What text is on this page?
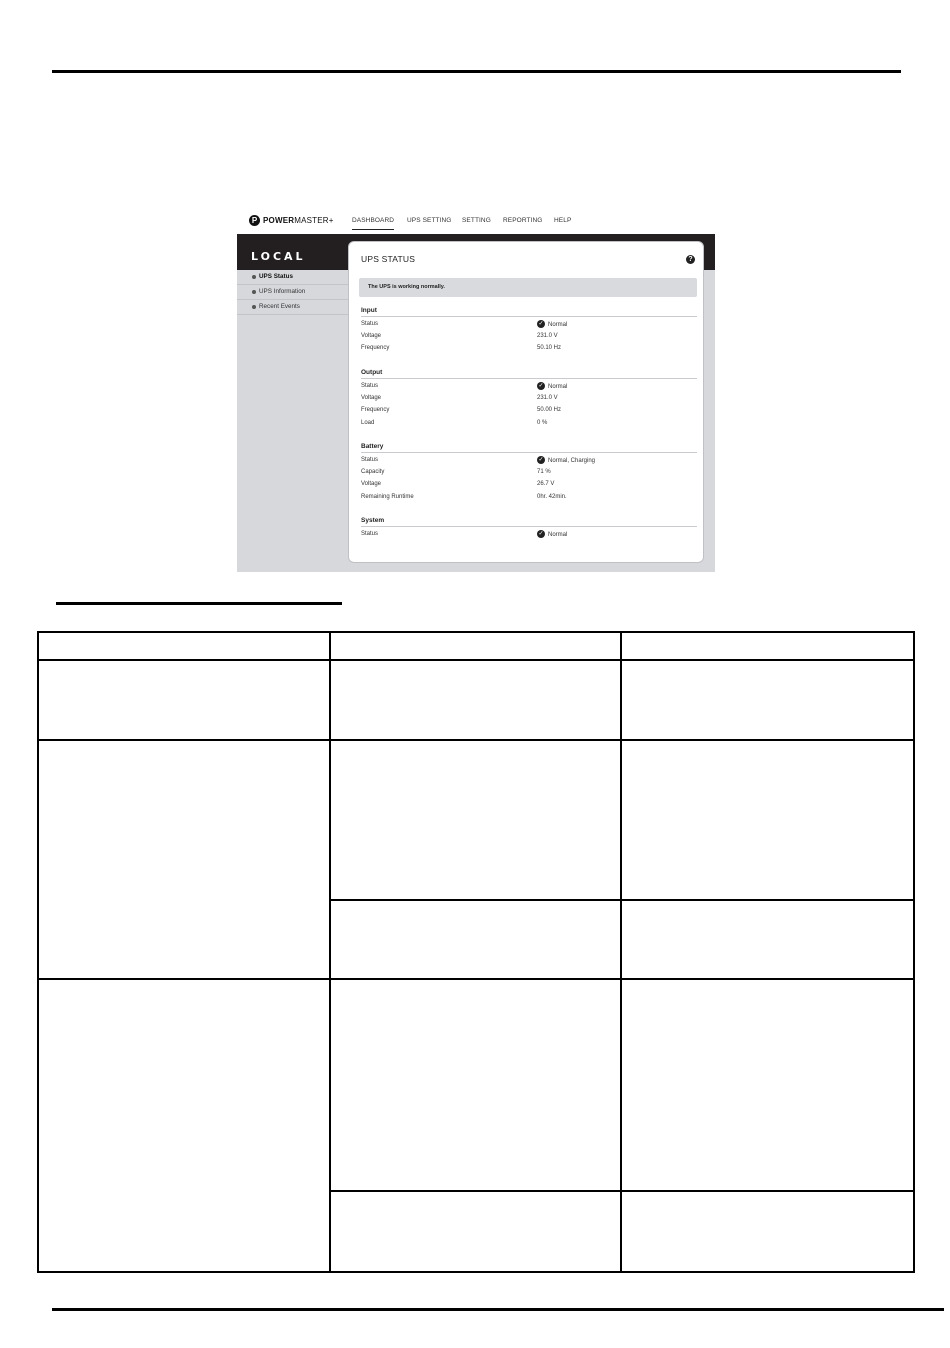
P POWERMASTER+	DASHBOARD UPS SETTING SETTING REPORTING HELP
LOCAL
UPS Status
UPS Information
Recent Events
UPS STATUS	?
The UPS is working normally.
Input
Status	✓ Normal
Voltage	231.0 V
Frequency	50.10 Hz
Output
Status	✓ Normal
Voltage	231.0 V
Frequency	50.00 Hz
Load	0 %
Battery
Status	✓ Normal, Charging
Capacity	71 %
Voltage	26.7 V
Remaining Runtime	0hr. 42min.
System
Status	✓ Normal
